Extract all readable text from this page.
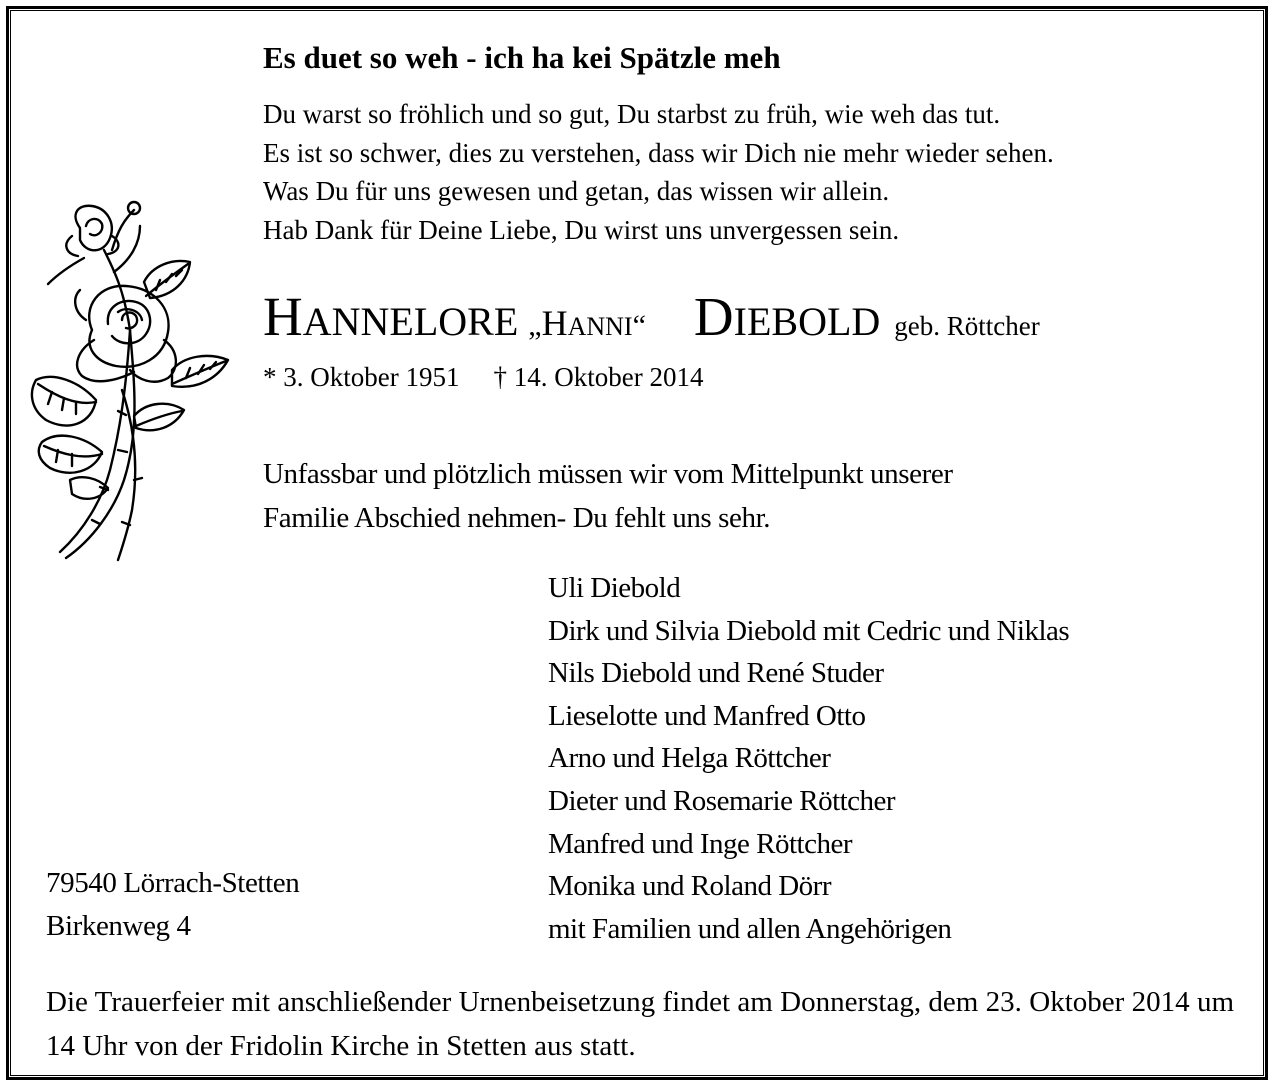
Es duet so weh - ich ha kei Spätzle meh
Du warst so fröhlich und so gut, Du starbst zu früh, wie weh das tut.
Es ist so schwer, dies zu verstehen, dass wir Dich nie mehr wieder sehen.
Was Du für uns gewesen und getan, das wissen wir allein.
Hab Dank für Deine Liebe, Du wirst uns unvergessen sein.
HANNELORE „HANNI“ DIEBOLD geb. Röttcher
* 3. Oktober 1951 † 14. Oktober 2014
Unfassbar und plötzlich müssen wir vom Mittelpunkt unserer
Familie Abschied nehmen- Du fehlt uns sehr.
Uli Diebold
Dirk und Silvia Diebold mit Cedric und Niklas
Nils Diebold und René Studer
Lieselotte und Manfred Otto
Arno und Helga Röttcher
Dieter und Rosemarie Röttcher
Manfred und Inge Röttcher
Monika und Roland Dörr
mit Familien und allen Angehörigen
79540 Lörrach-Stetten
Birkenweg 4
Die Trauerfeier mit anschließender Urnenbeisetzung findet am Donnerstag, dem 23. Oktober 2014 um 14 Uhr von der Fridolin Kirche in Stetten aus statt.
